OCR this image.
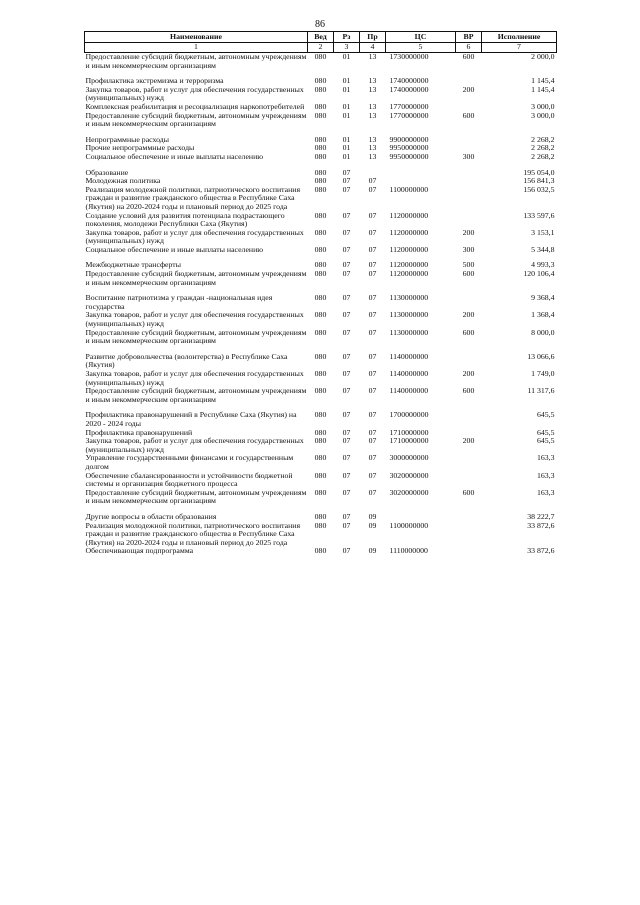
86
Наименование	Вед	Рз	Пр	ЦС	ВР	Исполнение
1	2	3	4	5	6	7
Предоставление субсидий бюджетным, автономным учреждениям и иным некоммерческим организациям	080	01	13	1730000000	600	2 000,0

Профилактика экстремизма и терроризма	080	01	13	1740000000		1 145,4
Закупка товаров, работ и услуг для обеспечения государственных (муниципальных) нужд	080	01	13	1740000000	200	1 145,4
Комплексная реабилитация и ресоциализация наркопотребителей	080	01	13	1770000000		3 000,0
Предоставление субсидий бюджетным, автономным учреждениям и иным некоммерческим организациям	080	01	13	1770000000	600	3 000,0

Непрограммные расходы	080	01	13	9900000000		2 268,2
Прочие непрограммные расходы	080	01	13	9950000000		2 268,2
Социальное обеспечение и иные выплаты населению	080	01	13	9950000000	300	2 268,2

Образование	080	07				195 054,0
Молодежная политика	080	07	07			156 841,3
Реализация молодежной политики, патриотического воспитания граждан и развитие гражданского общества в Республике Саха (Якутия) на 2020-2024 годы и плановый период до 2025 года	080	07	07	1100000000		156 032,5
Создание условий для развития потенциала подрастающего поколения, молодежи Республики Саха (Якутия)	080	07	07	1120000000		133 597,6
Закупка товаров, работ и услуг для обеспечения государственных (муниципальных) нужд	080	07	07	1120000000	200	3 153,1
Социальное обеспечение и иные выплаты населению	080	07	07	1120000000	300	5 344,8

Межбюджетные трансферты	080	07	07	1120000000	500	4 993,3
Предоставление субсидий бюджетным, автономным учреждениям и иным некоммерческим организациям	080	07	07	1120000000	600	120 106,4

Воспитание патриотизма у граждан -национальная идея государства	080	07	07	1130000000		9 368,4
Закупка товаров, работ и услуг для обеспечения государственных (муниципальных) нужд	080	07	07	1130000000	200	1 368,4
Предоставление субсидий бюджетным, автономным учреждениям и иным некоммерческим организациям	080	07	07	1130000000	600	8 000,0

Развитие добровольчества (волонтерства) в Республике Саха (Якутия)	080	07	07	1140000000		13 066,6
Закупка товаров, работ и услуг для обеспечения государственных (муниципальных) нужд	080	07	07	1140000000	200	1 749,0
Предоставление субсидий бюджетным, автономным учреждениям и иным некоммерческим организациям	080	07	07	1140000000	600	11 317,6

Профилактика правонарушений в Республике Саха (Якутия) на 2020 - 2024 годы	080	07	07	1700000000		645,5
Профилактика правонарушений	080	07	07	1710000000		645,5
Закупка товаров, работ и услуг для обеспечения государственных (муниципальных) нужд	080	07	07	1710000000	200	645,5
Управление государственными финансами и государственным долгом	080	07	07	3000000000		163,3
Обеспечение сбалансированности и устойчивости бюджетной системы и организация бюджетного процесса	080	07	07	3020000000		163,3
Предоставление субсидий бюджетным, автономным учреждениям и иным некоммерческим организациям	080	07	07	3020000000	600	163,3

Другие вопросы в области образования	080	07	09			38 222,7
Реализация молодежной политики, патриотического воспитания граждан и развитие гражданского общества в Республике Саха (Якутия) на 2020-2024 годы и плановый период до 2025 года	080	07	09	1100000000		33 872,6
Обеспечивающая подпрограмма	080	07	09	1110000000		33 872,6
